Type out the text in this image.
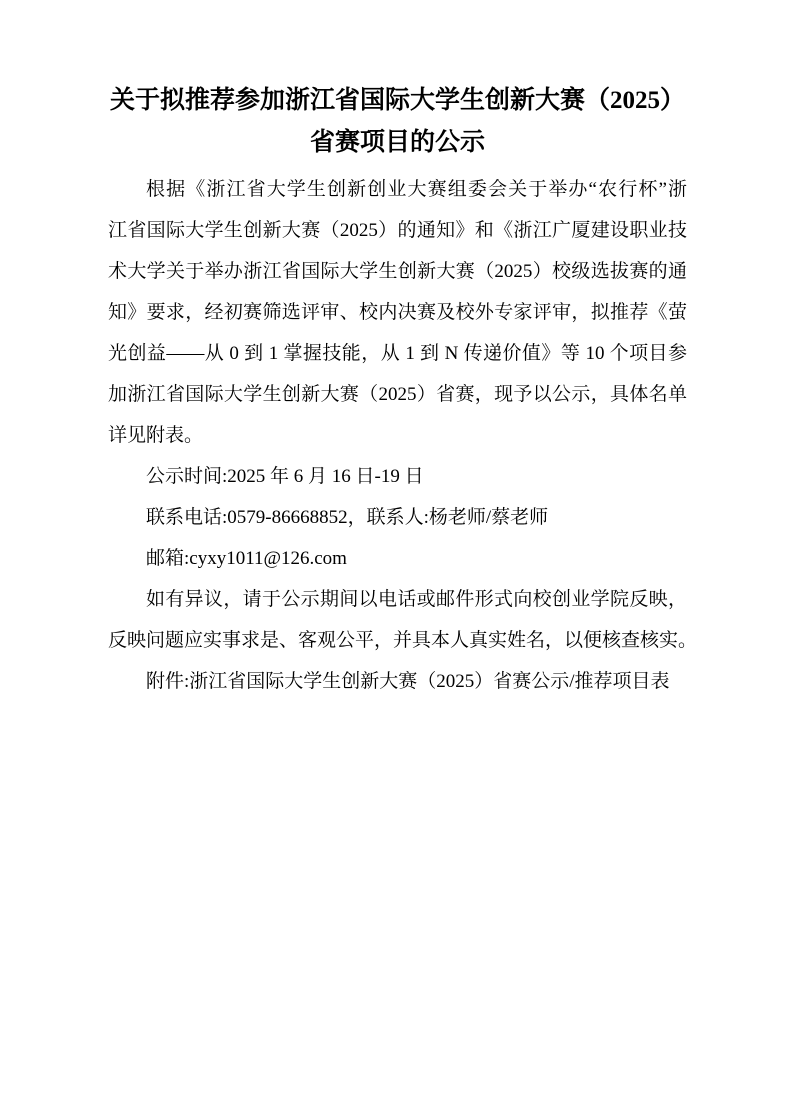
关于拟推荐参加浙江省国际大学生创新大赛（2025）
省赛项目的公示
根据《浙江省大学生创新创业大赛组委会关于举办“农行杯”浙
江省国际大学生创新大赛（2025）的通知》和《浙江广厦建设职业技
术大学关于举办浙江省国际大学生创新大赛（2025）校级选拔赛的通
知》要求，经初赛筛选评审、校内决赛及校外专家评审，拟推荐《萤
光创益——从 0 到 1 掌握技能，从 1 到 N 传递价值》等 10 个项目参
加浙江省国际大学生创新大赛（2025）省赛，现予以公示，具体名单
详见附表。
公示时间:2025 年 6 月 16 日-19 日
联系电话:0579-86668852，联系人:杨老师/蔡老师
邮箱:cyxy1011@126.com
如有异议，请于公示期间以电话或邮件形式向校创业学院反映，
反映问题应实事求是、客观公平，并具本人真实姓名，以便核查核实。
附件:浙江省国际大学生创新大赛（2025）省赛公示/推荐项目表
